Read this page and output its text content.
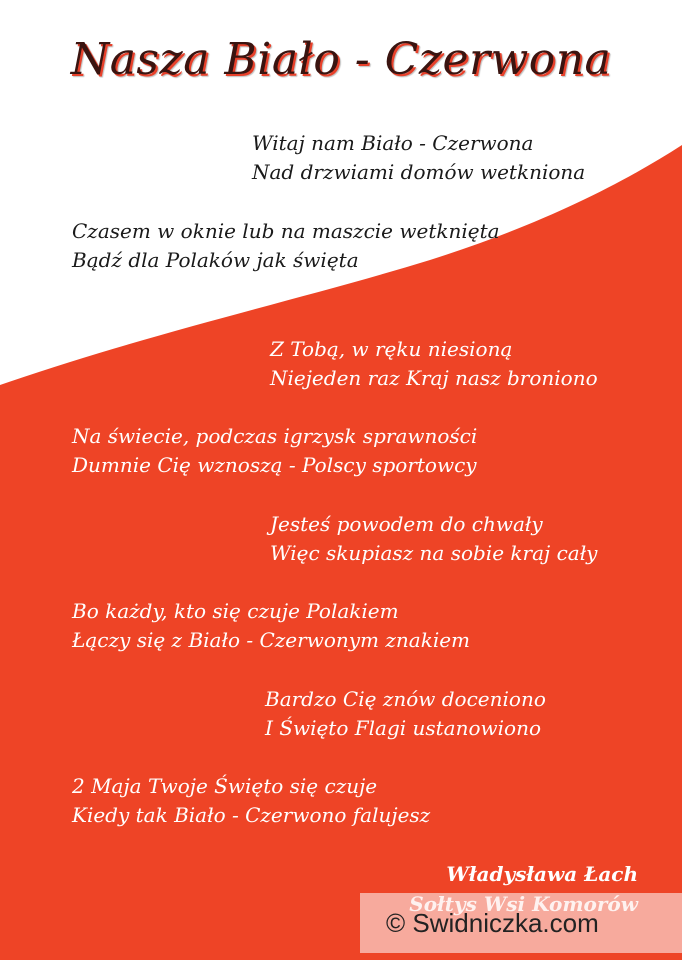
Nasza Biało - Czerwona
Witaj nam Biało - Czerwona
Nad drzwiami domów wetkniona
Czasem w oknie lub na maszcie wetknięta
Bądź dla Polaków jak święta
Z Tobą, w ręku niesioną
Niejeden raz Kraj nasz broniono
Na świecie, podczas igrzysk sprawności
Dumnie Cię wznoszą - Polscy sportowcy
Jesteś powodem do chwały
Więc skupiasz na sobie kraj cały
Bo każdy, kto się czuje Polakiem
Łączy się z Biało - Czerwonym znakiem
Bardzo Cię znów doceniono
I Święto Flagi ustanowiono
2 Maja Twoje Święto się czuje
Kiedy tak Biało - Czerwono falujesz
Władysława Łach
© Swidniczka.com
